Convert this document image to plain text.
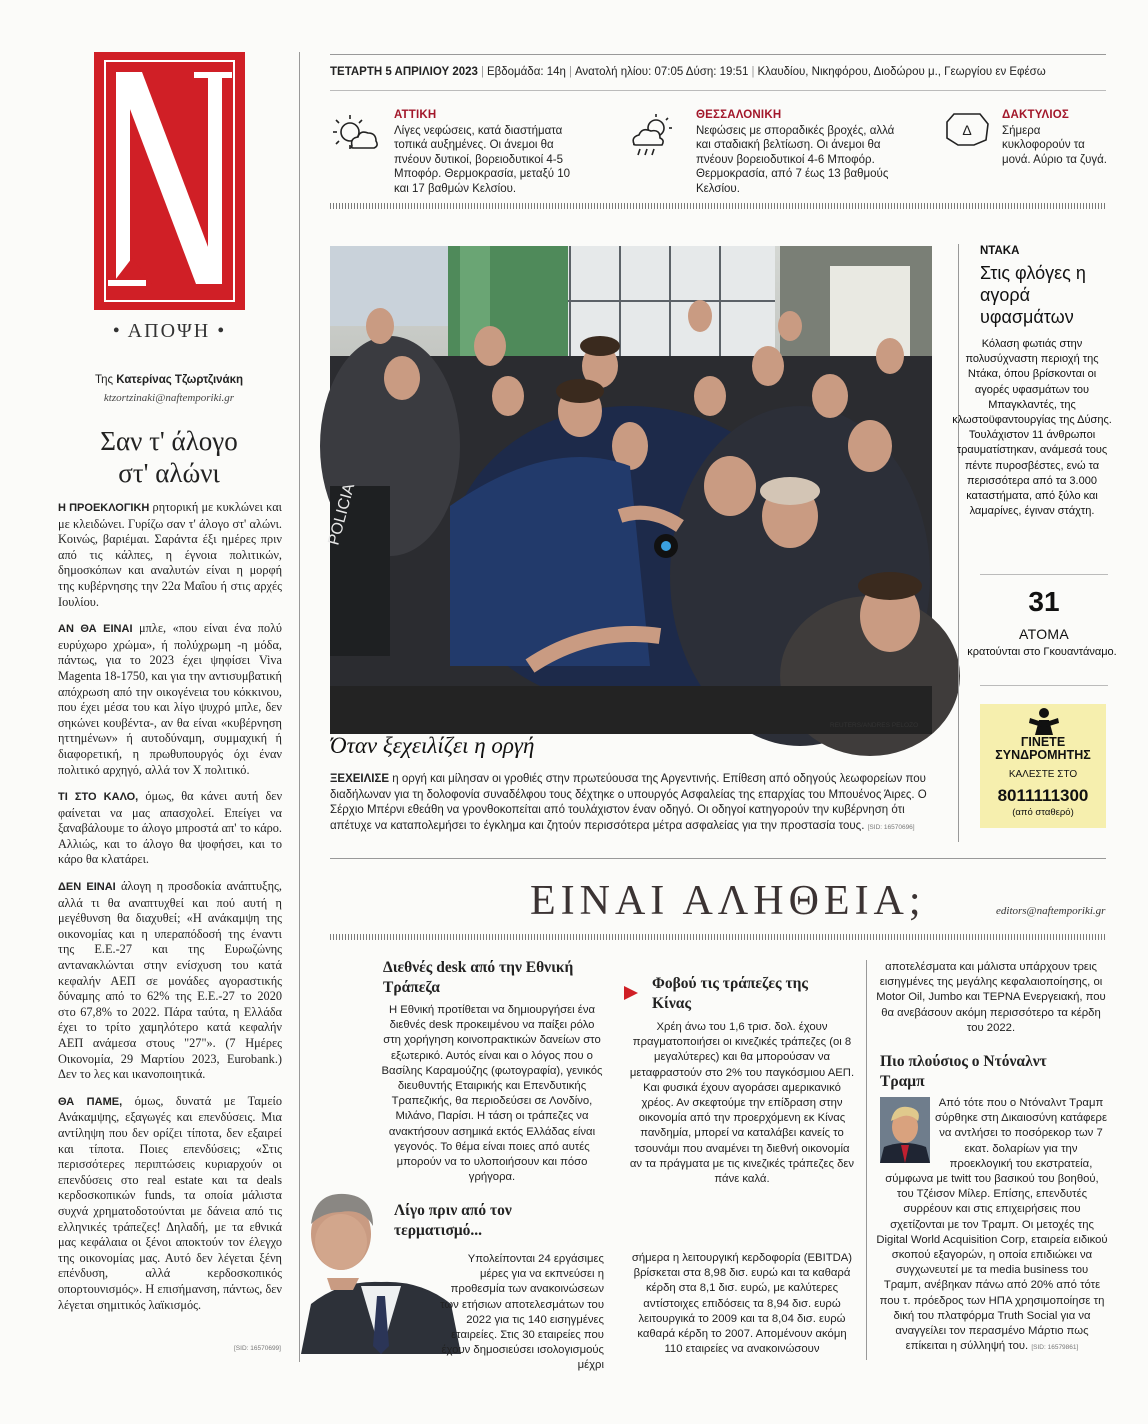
• ΑΠΟΨΗ •
Της Κατερίνας Τζωρτζινάκη
ktzortzinaki@naftemporiki.gr
Σαν τ' άλογο
στ' αλώνι

Η ΠΡΟΕΚΛΟΓΙΚΗ ρητορική με κυκλώνει και με κλειδώνει. Γυρίζω σαν τ' άλογο στ' αλώνι. Κοινώς, βαριέμαι. Σαράντα έξι ημέρες πριν από τις κάλπες, η έγνοια πολιτικών, δημοσκόπων και αναλυτών είναι η μορφή της κυβέρνησης την 22α Μαΐου ή στις αρχές Ιουλίου.

ΑΝ ΘΑ ΕΙΝΑΙ μπλε, «που είναι ένα πολύ ευρύχωρο χρώμα», ή πολύχρωμη -η μόδα, πάντως, για το 2023 έχει ψηφίσει Viva Magenta 18-1750, και για την αντισυμβατική απόχρωση από την οικογένεια του κόκκινου, που έχει μέσα του και λίγο ψυχρό μπλε, δεν σηκώνει κουβέντα-, αν θα είναι «κυβέρνηση ηττημένων» ή αυτοδύναμη, συμμαχική ή διαφορετική, η πρωθυπουργός όχι έναν πολιτικό αρχηγό, αλλά τον Χ πολιτικό.

ΤΙ ΣΤΟ ΚΑΛΟ, όμως, θα κάνει αυτή δεν φαίνεται να μας απασχολεί. Επείγει να ξαναβάλουμε το άλογο μπροστά απ' το κάρο. Αλλιώς, και το άλογο θα ψοφήσει, και το κάρο θα κλατάρει.

ΔΕΝ ΕΙΝΑΙ άλογη η προσδοκία ανάπτυξης, αλλά τι θα αναπτυχθεί και πού αυτή η μεγέθυνση θα διαχυθεί; «Η ανάκαμψη της οικονομίας και η υπεραπόδοσή της έναντι της Ε.Ε.-27 και της Ευρωζώνης αντανακλώνται στην ενίσχυση του κατά κεφαλήν ΑΕΠ σε μονάδες αγοραστικής δύναμης από το 62% της Ε.Ε.-27 το 2020 στο 67,8% το 2022. Πάρα ταύτα, η Ελλάδα έχει το τρίτο χαμηλότερο κατά κεφαλήν ΑΕΠ ανάμεσα στους "27"». (7 Ημέρες Οικονομία, 29 Μαρτίου 2023, Eurobank.) Δεν το λες και ικανοποιητικά.

ΘΑ ΠΑΜΕ, όμως, δυνατά με Ταμείο Ανάκαμψης, εξαγωγές και επενδύσεις. Μια αντίληψη που δεν ορίζει τίποτα, δεν εξαιρεί και τίποτα. Ποιες επενδύσεις; «Στις περισσότερες περιπτώσεις κυριαρχούν οι επενδύσεις στο real estate και τα deals κερδοσκοπικών funds, τα οποία μάλιστα συχνά χρηματοδοτούνται με δάνεια από τις ελληνικές τράπεζες! Δηλαδή, με τα εθνικά μας κεφάλαια οι ξένοι αποκτούν τον έλεγχο της οικονομίας μας. Αυτό δεν λέγεται ξένη επένδυση, αλλά κερδοσκοπικός οπορτουνισμός». Η επισήμανση, πάντως, δεν λέγεται σημιτικός λαϊκισμός.

[SID: 16570699]
ΤΕΤΑΡΤΗ 5 ΑΠΡΙΛΙΟΥ 2023 | Εβδομάδα: 14η | Ανατολή ηλίου: 07:05 Δύση: 19:51 | Κλαυδίου, Νικηφόρου, Διοδώρου μ., Γεωργίου εν Εφέσω
ΑΤΤΙΚΗ
Λίγες νεφώσεις, κατά διαστήματα τοπικά αυξημένες. Οι άνεμοι θα πνέουν δυτικοί, βορειοδυτικοί 4-5 Μποφόρ. Θερμοκρασία, μεταξύ 10 και 17 βαθμών Κελσίου.
ΘΕΣΣΑΛΟΝΙΚΗ
Νεφώσεις με σποραδικές βροχές, αλλά και σταδιακή βελτίωση. Οι άνεμοι θα πνέουν βορειοδυτικοί 4-6 Μποφόρ. Θερμοκρασία, από 7 έως 13 βαθμούς Κελσίου.
Δ
ΔΑΚΤΥΛΙΟΣ
Σήμερα κυκλοφορούν τα μονά. Αύριο τα ζυγά.
POLICIA
REUTERS/ANDRES PELOZO
Όταν ξεχειλίζει η οργή
ΞΕΧΕΙΛΙΣΕ η οργή και μίλησαν οι γροθιές στην πρωτεύουσα της Αργεντινής. Επίθεση από οδηγούς λεωφορείων που διαδήλωναν για τη δολοφονία συναδέλφου τους δέχτηκε ο υπουργός Ασφαλείας της επαρχίας του Μπουένος Άιρες. Ο Σέρχιο Μπέρνι εθεάθη να γρονθοκοπείται από τουλάχιστον έναν οδηγό. Οι οδηγοί κατηγορούν την κυβέρνηση ότι απέτυχε να καταπολεμήσει το έγκλημα και ζητούν περισσότερα μέτρα ασφαλείας για την προστασία τους. [SID: 16570696]
ΝΤΑΚΑ
Στις φλόγες η αγορά υφασμάτων
Κόλαση φωτιάς στην πολυσύχναστη περιοχή της Ντάκα, όπου βρίσκονται οι αγορές υφασμάτων του Μπαγκλαντές, της κλωστοϋφαντουργίας της Δύσης. Τουλάχιστον 11 άνθρωποι τραυματίστηκαν, ανάμεσά τους πέντε πυροσβέστες, ενώ τα περισσότερα από τα 3.000 καταστήματα, από ξύλο και λαμαρίνες, έγιναν στάχτη.
31
ΑΤΟΜΑ
κρατούνται στο Γκουαντάναμο.
ΓΙΝΕΤΕ
ΣΥΝΔΡΟΜΗΤΗΣ
ΚΑΛΕΣΤΕ ΣΤΟ
8011111300
(από σταθερό)
ΕΙΝΑΙ ΑΛΗΘΕΙΑ;	editors@naftemporiki.gr
Διεθνές desk από την Εθνική Τράπεζα
Η Εθνική προτίθεται να δημιουργήσει ένα διεθνές desk προκειμένου να παίξει ρόλο στη χορήγηση κοινοπρακτικών δανείων στο εξωτερικό. Αυτός είναι και ο λόγος που ο Βασίλης Καραμούζης (φωτογραφία), γενικός διευθυντής Εταιρικής και Επενδυτικής Τραπεζικής, θα περιοδεύσει σε Λονδίνο, Μιλάνο, Παρίσι. Η τάση οι τράπεζες να ανακτήσουν ασημικά εκτός Ελλάδας είναι γεγονός. Το θέμα είναι ποιες από αυτές μπορούν να το υλοποιήσουν και πόσο γρήγορα.
Λίγο πριν από τον τερματισμό...
Υπολείπονται 24 εργάσιμες μέρες για να εκπνεύσει η προθεσμία των ανακοινώσεων των ετήσιων αποτελεσμάτων του 2022 για τις 140 εισηγμένες εταιρείες. Στις 30 εταιρείες που έχουν δημοσιεύσει ισολογισμούς μέχρι
Φοβού τις τράπεζες της Κίνας
Χρέη άνω του 1,6 τρισ. δολ. έχουν πραγματοποιήσει οι κινεζικές τράπεζες (οι 8 μεγαλύτερες) και θα μπορούσαν να μεταφραστούν στο 2% του παγκόσμιου ΑΕΠ. Και φυσικά έχουν αγοράσει αμερικανικό χρέος. Αν σκεφτούμε την επίδραση στην οικονομία από την προερχόμενη εκ Κίνας πανδημία, μπορεί να καταλάβει κανείς το τσουνάμι που αναμένει τη διεθνή οικονομία αν τα πράγματα με τις κινεζικές τράπεζες δεν πάνε καλά.
σήμερα η λειτουργική κερδοφορία (EBITDA) βρίσκεται στα 8,98 δισ. ευρώ και τα καθαρά κέρδη στα 8,1 δισ. ευρώ, με καλύτερες αντίστοιχες επιδόσεις τα 8,94 δισ. ευρώ λειτουργικά το 2009 και τα 8,04 δισ. ευρώ καθαρά κέρδη το 2007. Απομένουν ακόμη 110 εταιρείες να ανακοινώσουν
αποτελέσματα και μάλιστα υπάρχουν τρεις εισηγμένες της μεγάλης κεφαλαιοποίησης, οι Motor Oil, Jumbo και ΤΕΡΝΑ Ενεργειακή, που θα ανεβάσουν ακόμη περισσότερο τα κέρδη του 2022.
Πιο πλούσιος ο Ντόναλντ Τραμπ
Από τότε που ο Ντόναλντ Τραμπ σύρθηκε στη Δικαιοσύνη κατάφερε να αντλήσει το ποσόρεκορ των 7 εκατ. δολαρίων για την προεκλογική του εκστρατεία, σύμφωνα με twitt του βασικού του βοηθού, του Τζέισον Μίλερ. Επίσης, επενδυτές συρρέουν και στις επιχειρήσεις που σχετίζονται με τον Τραμπ. Οι μετοχές της Digital World Acquisition Corp, εταιρεία ειδικού σκοπού εξαγορών, η οποία επιδιώκει να συγχωνευτεί με τα media business του Τραμπ, ανέβηκαν πάνω από 20% από τότε που τ. πρόεδρος των ΗΠΑ χρησιμοποίησε τη δική του πλατφόρμα Truth Social για να αναγγείλει τον περασμένο Μάρτιο πως επίκειται η σύλληψή του. [SID: 16579861]
